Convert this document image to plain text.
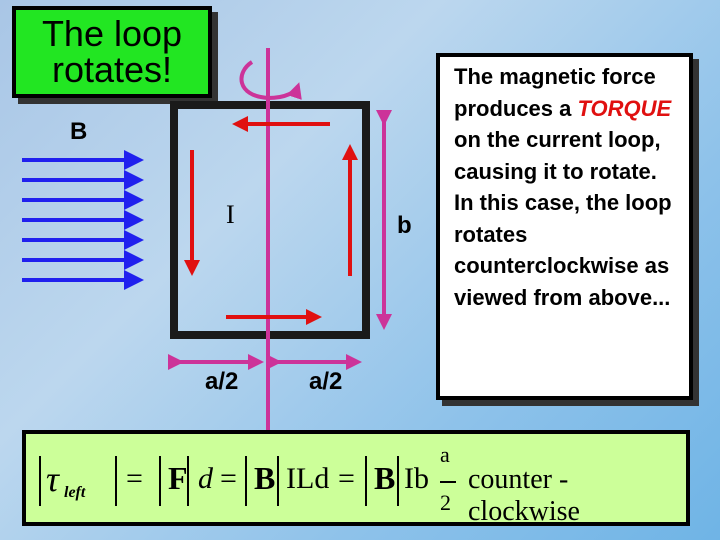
The loop
rotates!
B
I	b
a/2	a/2
The magnetic force produces a TORQUE on the current loop, causing it to rotate. In this case, the loop rotates counterclockwise as viewed from above...
τ left = F d = B ILd = B
a
2
counter - clockwise
Ib
